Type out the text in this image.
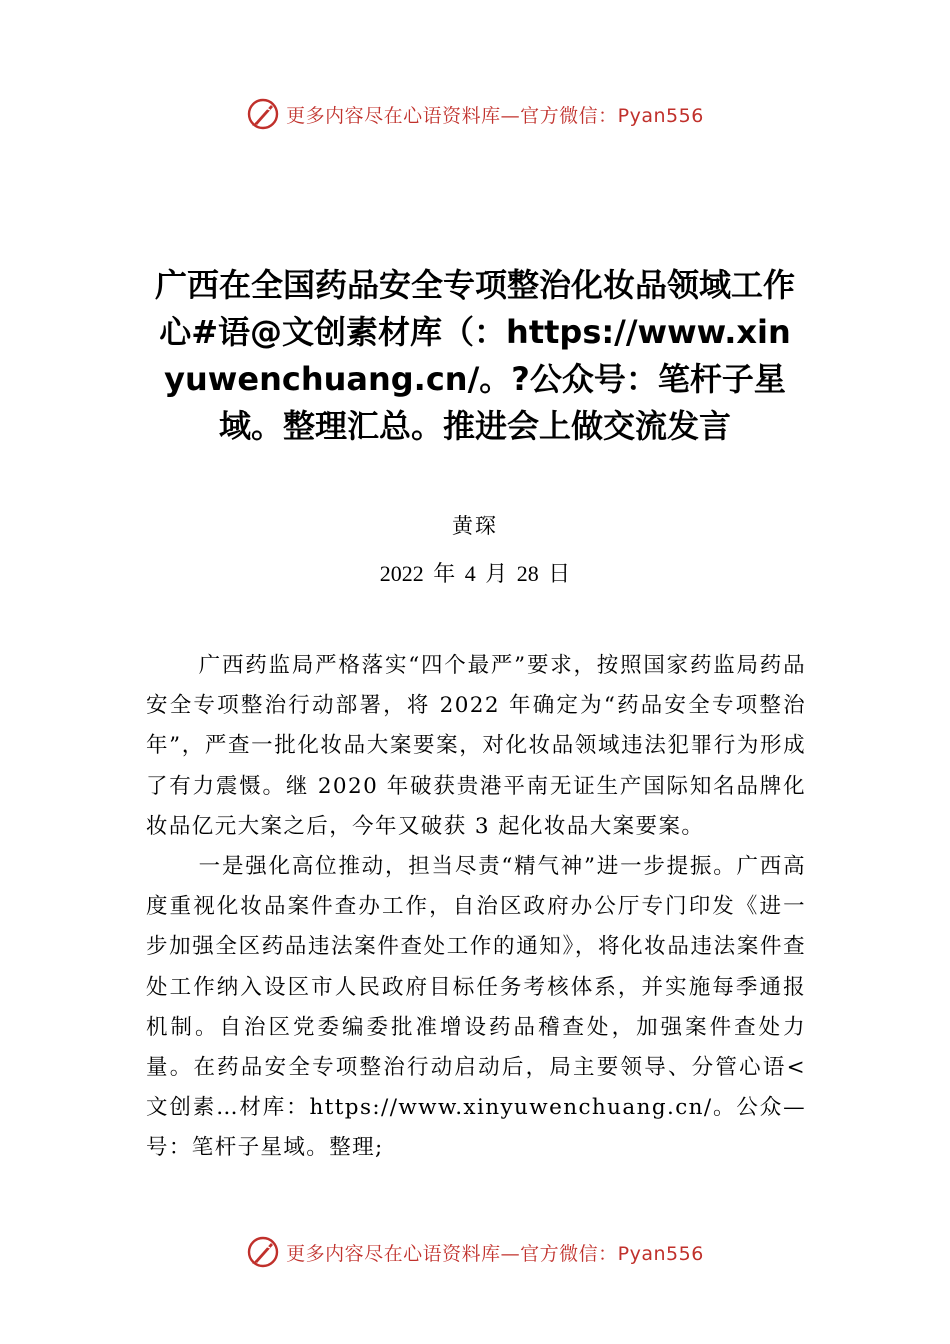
更多内容尽在心语资料库—官方微信：Pyan556
广西在全国药品安全专项整治化妆品领域工作心#语@文创素材库（：https://www.xinyuwenchuang.cn/。?公众号：笔杆子星域。整理汇总。推进会上做交流发言
黄琛
2022 年 4 月 28 日

广西药监局严格落实“四个最严”要求，按照国家药监局药品安全专项整治行动部署，将 2022 年确定为“药品安全专项整治年”，严查一批化妆品大案要案，对化妆品领域违法犯罪行为形成了有力震慑。继 2020 年破获贵港平南无证生产国际知名品牌化妆品亿元大案之后，今年又破获 3 起化妆品大案要案。

一是强化高位推动，担当尽责“精气神”进一步提振。广西高度重视化妆品案件查办工作，自治区政府办公厅专门印发《进一步加强全区药品违法案件查处工作的通知》，将化妆品违法案件查处工作纳入设区市人民政府目标任务考核体系，并实施每季通报机制。自治区党委编委批准增设药品稽查处，加强案件查处力量。在药品安全专项整治行动启动后，局主要领导、分管心语<文创素…材库：https://www.xinyuwenchuang.cn/。公众—号：笔杆子星域。整理;

更多内容尽在心语资料库—官方微信：Pyan556
